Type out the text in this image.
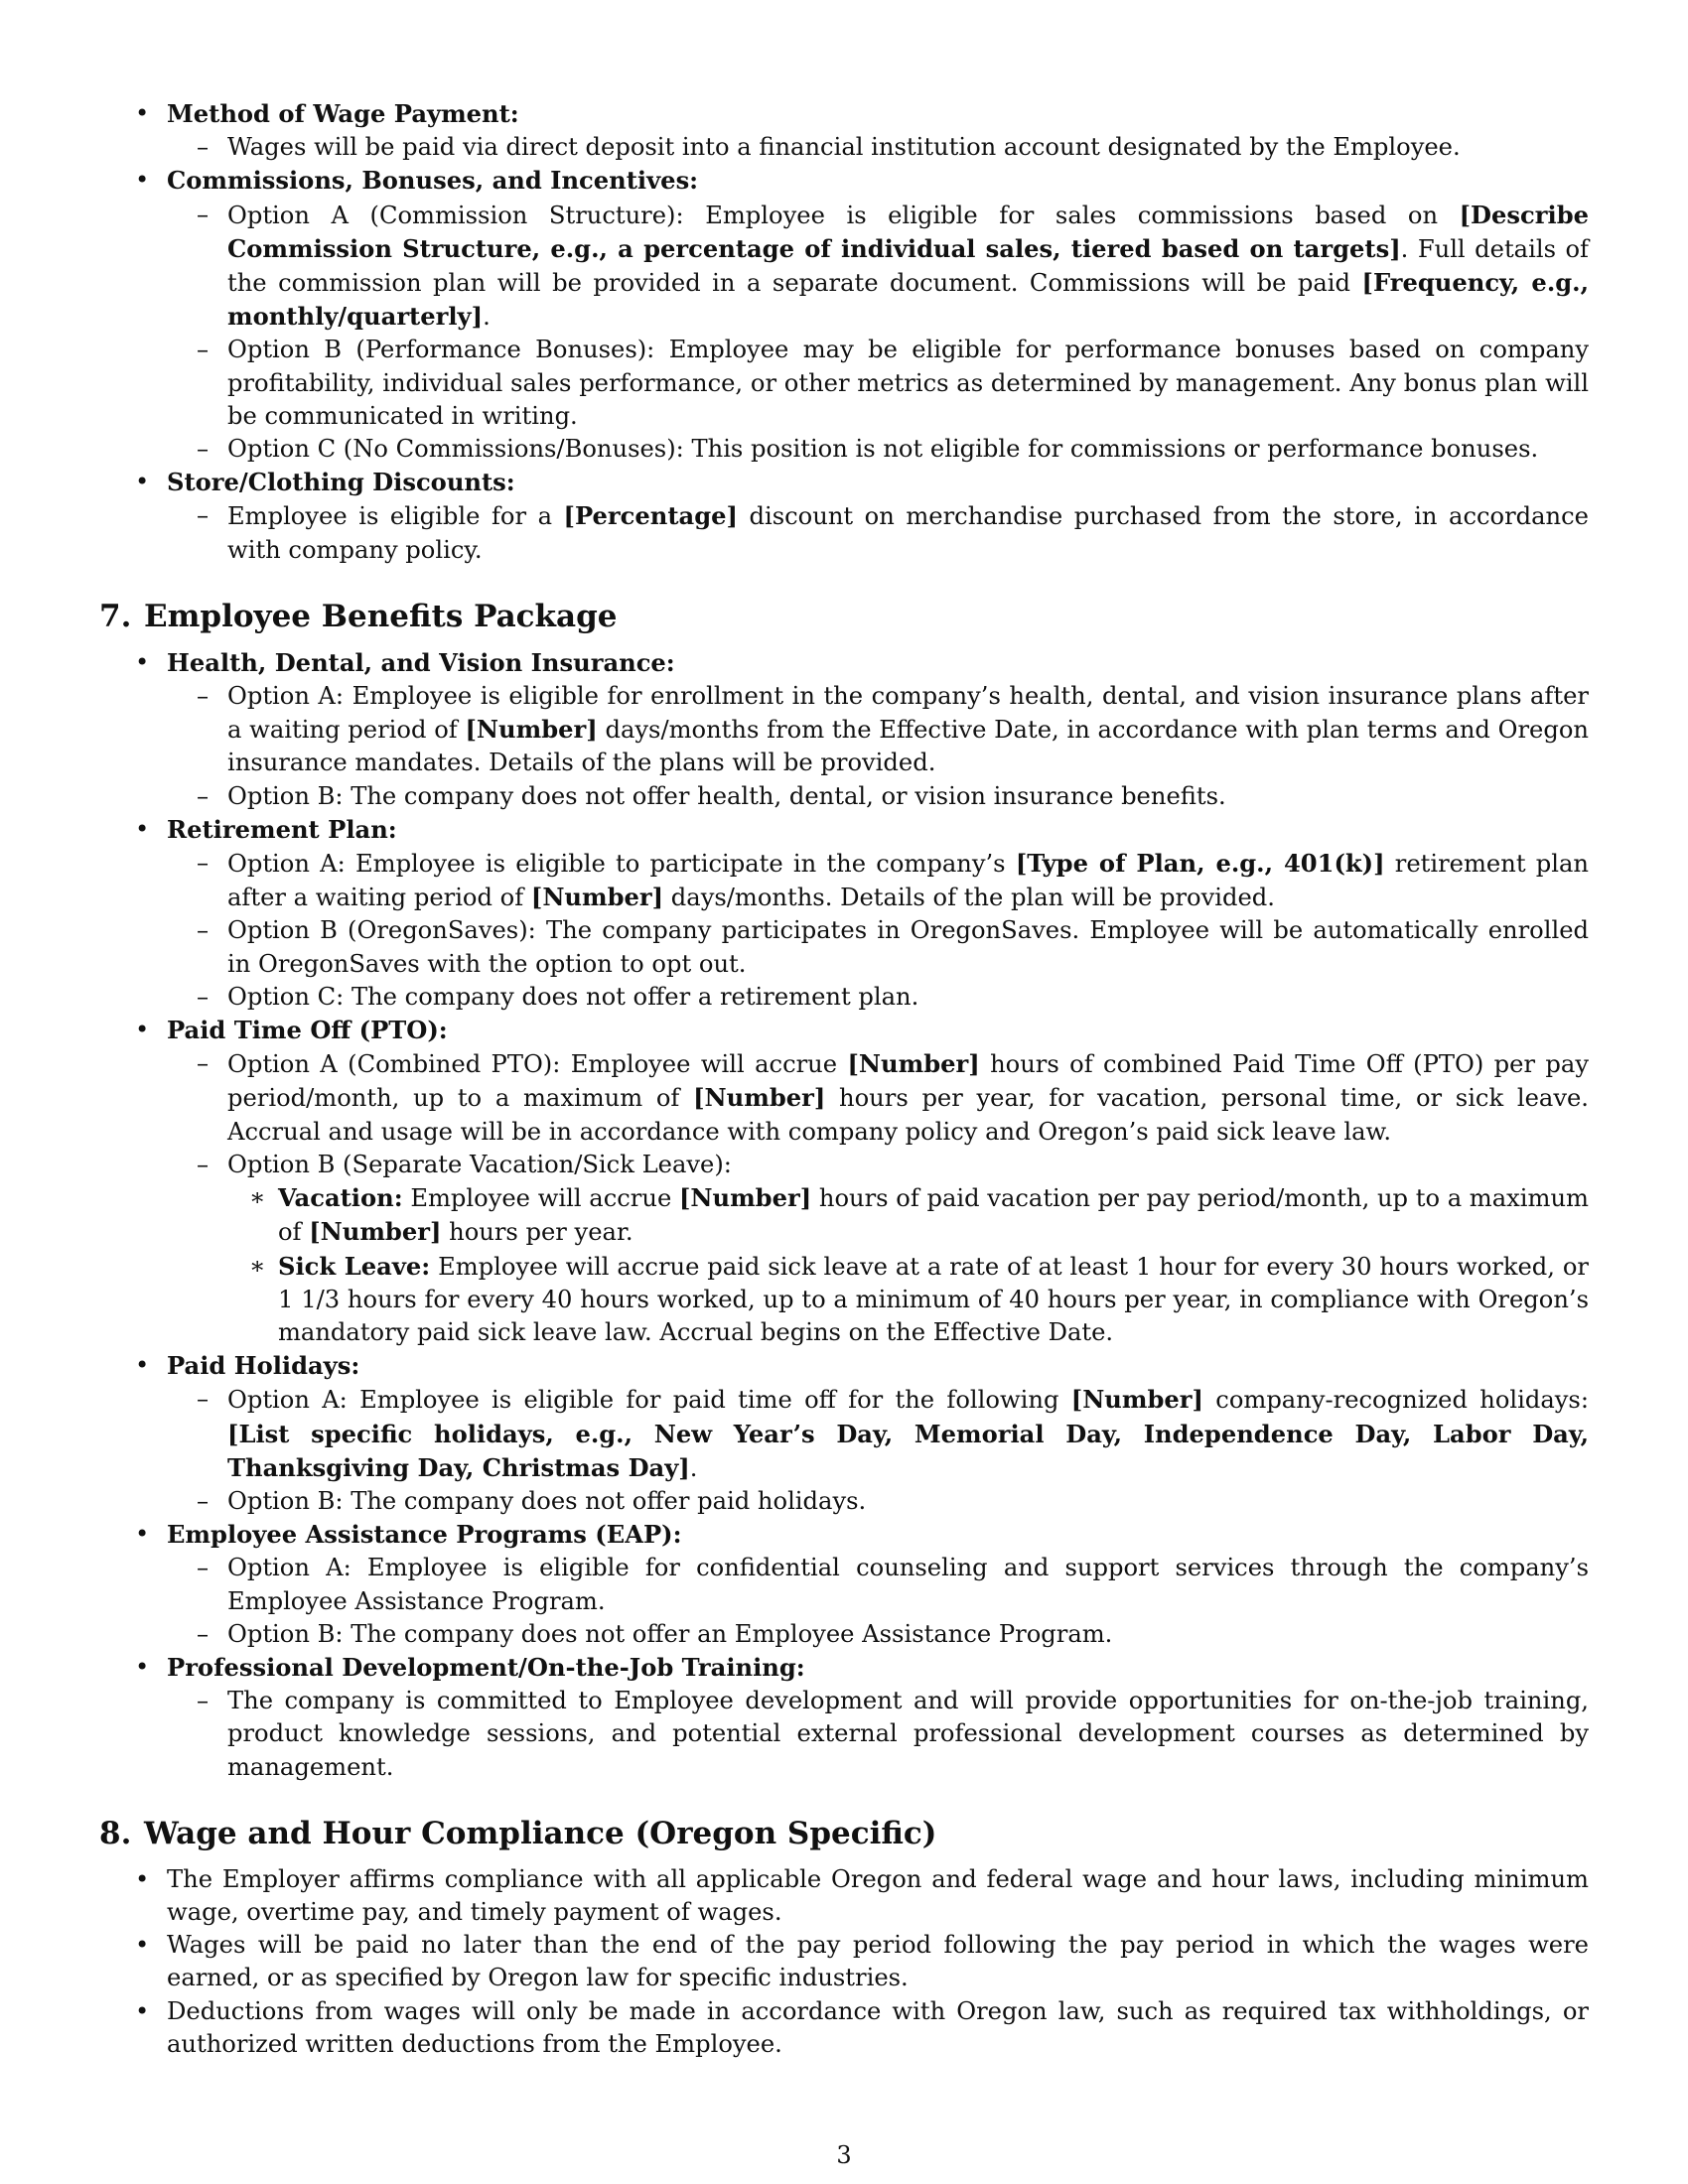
• Method of Wage Payment:
– Wages will be paid via direct deposit into a financial institution account designated by the Employee.
• Commissions, Bonuses, and Incentives:
– Option A (Commission Structure): Employee is eligible for sales commissions based on [Describe Commission Structure, e.g., a percentage of individual sales, tiered based on targets]. Full details of the commission plan will be provided in a separate document. Commissions will be paid [Frequency, e.g., monthly/quarterly].
– Option B (Performance Bonuses): Employee may be eligible for performance bonuses based on company profitability, individual sales performance, or other metrics as determined by management. Any bonus plan will be communicated in writing.
– Option C (No Commissions/Bonuses): This position is not eligible for commissions or performance bonuses.
• Store/Clothing Discounts:
– Employee is eligible for a [Percentage] discount on merchandise purchased from the store, in accordance with company policy.
7. Employee Benefits Package
• Health, Dental, and Vision Insurance:
– Option A: Employee is eligible for enrollment in the company’s health, dental, and vision insurance plans after a waiting period of [Number] days/months from the Effective Date, in accordance with plan terms and Oregon insurance mandates. Details of the plans will be provided.
– Option B: The company does not offer health, dental, or vision insurance benefits.
• Retirement Plan:
– Option A: Employee is eligible to participate in the company’s [Type of Plan, e.g., 401(k)] retirement plan after a waiting period of [Number] days/months. Details of the plan will be provided.
– Option B (OregonSaves): The company participates in OregonSaves. Employee will be automatically enrolled in OregonSaves with the option to opt out.
– Option C: The company does not offer a retirement plan.
• Paid Time Off (PTO):
– Option A (Combined PTO): Employee will accrue [Number] hours of combined Paid Time Off (PTO) per pay period/month, up to a maximum of [Number] hours per year, for vacation, personal time, or sick leave. Accrual and usage will be in accordance with company policy and Oregon’s paid sick leave law.
– Option B (Separate Vacation/Sick Leave):
∗ Vacation: Employee will accrue [Number] hours of paid vacation per pay period/month, up to a maximum of [Number] hours per year.
∗ Sick Leave: Employee will accrue paid sick leave at a rate of at least 1 hour for every 30 hours worked, or 1 1/3 hours for every 40 hours worked, up to a minimum of 40 hours per year, in compliance with Oregon’s mandatory paid sick leave law. Accrual begins on the Effective Date.
• Paid Holidays:
– Option A: Employee is eligible for paid time off for the following [Number] company-recognized holidays: [List specific holidays, e.g., New Year’s Day, Memorial Day, Independence Day, Labor Day, Thanksgiving Day, Christmas Day].
– Option B: The company does not offer paid holidays.
• Employee Assistance Programs (EAP):
– Option A: Employee is eligible for confidential counseling and support services through the company’s Employee Assistance Program.
– Option B: The company does not offer an Employee Assistance Program.
• Professional Development/On-the-Job Training:
– The company is committed to Employee development and will provide opportunities for on-the-job training, product knowledge sessions, and potential external professional development courses as determined by management.
8. Wage and Hour Compliance (Oregon Specific)
• The Employer affirms compliance with all applicable Oregon and federal wage and hour laws, including minimum wage, overtime pay, and timely payment of wages.
• Wages will be paid no later than the end of the pay period following the pay period in which the wages were earned, or as specified by Oregon law for specific industries.
• Deductions from wages will only be made in accordance with Oregon law, such as required tax withholdings, or authorized written deductions from the Employee.
3
